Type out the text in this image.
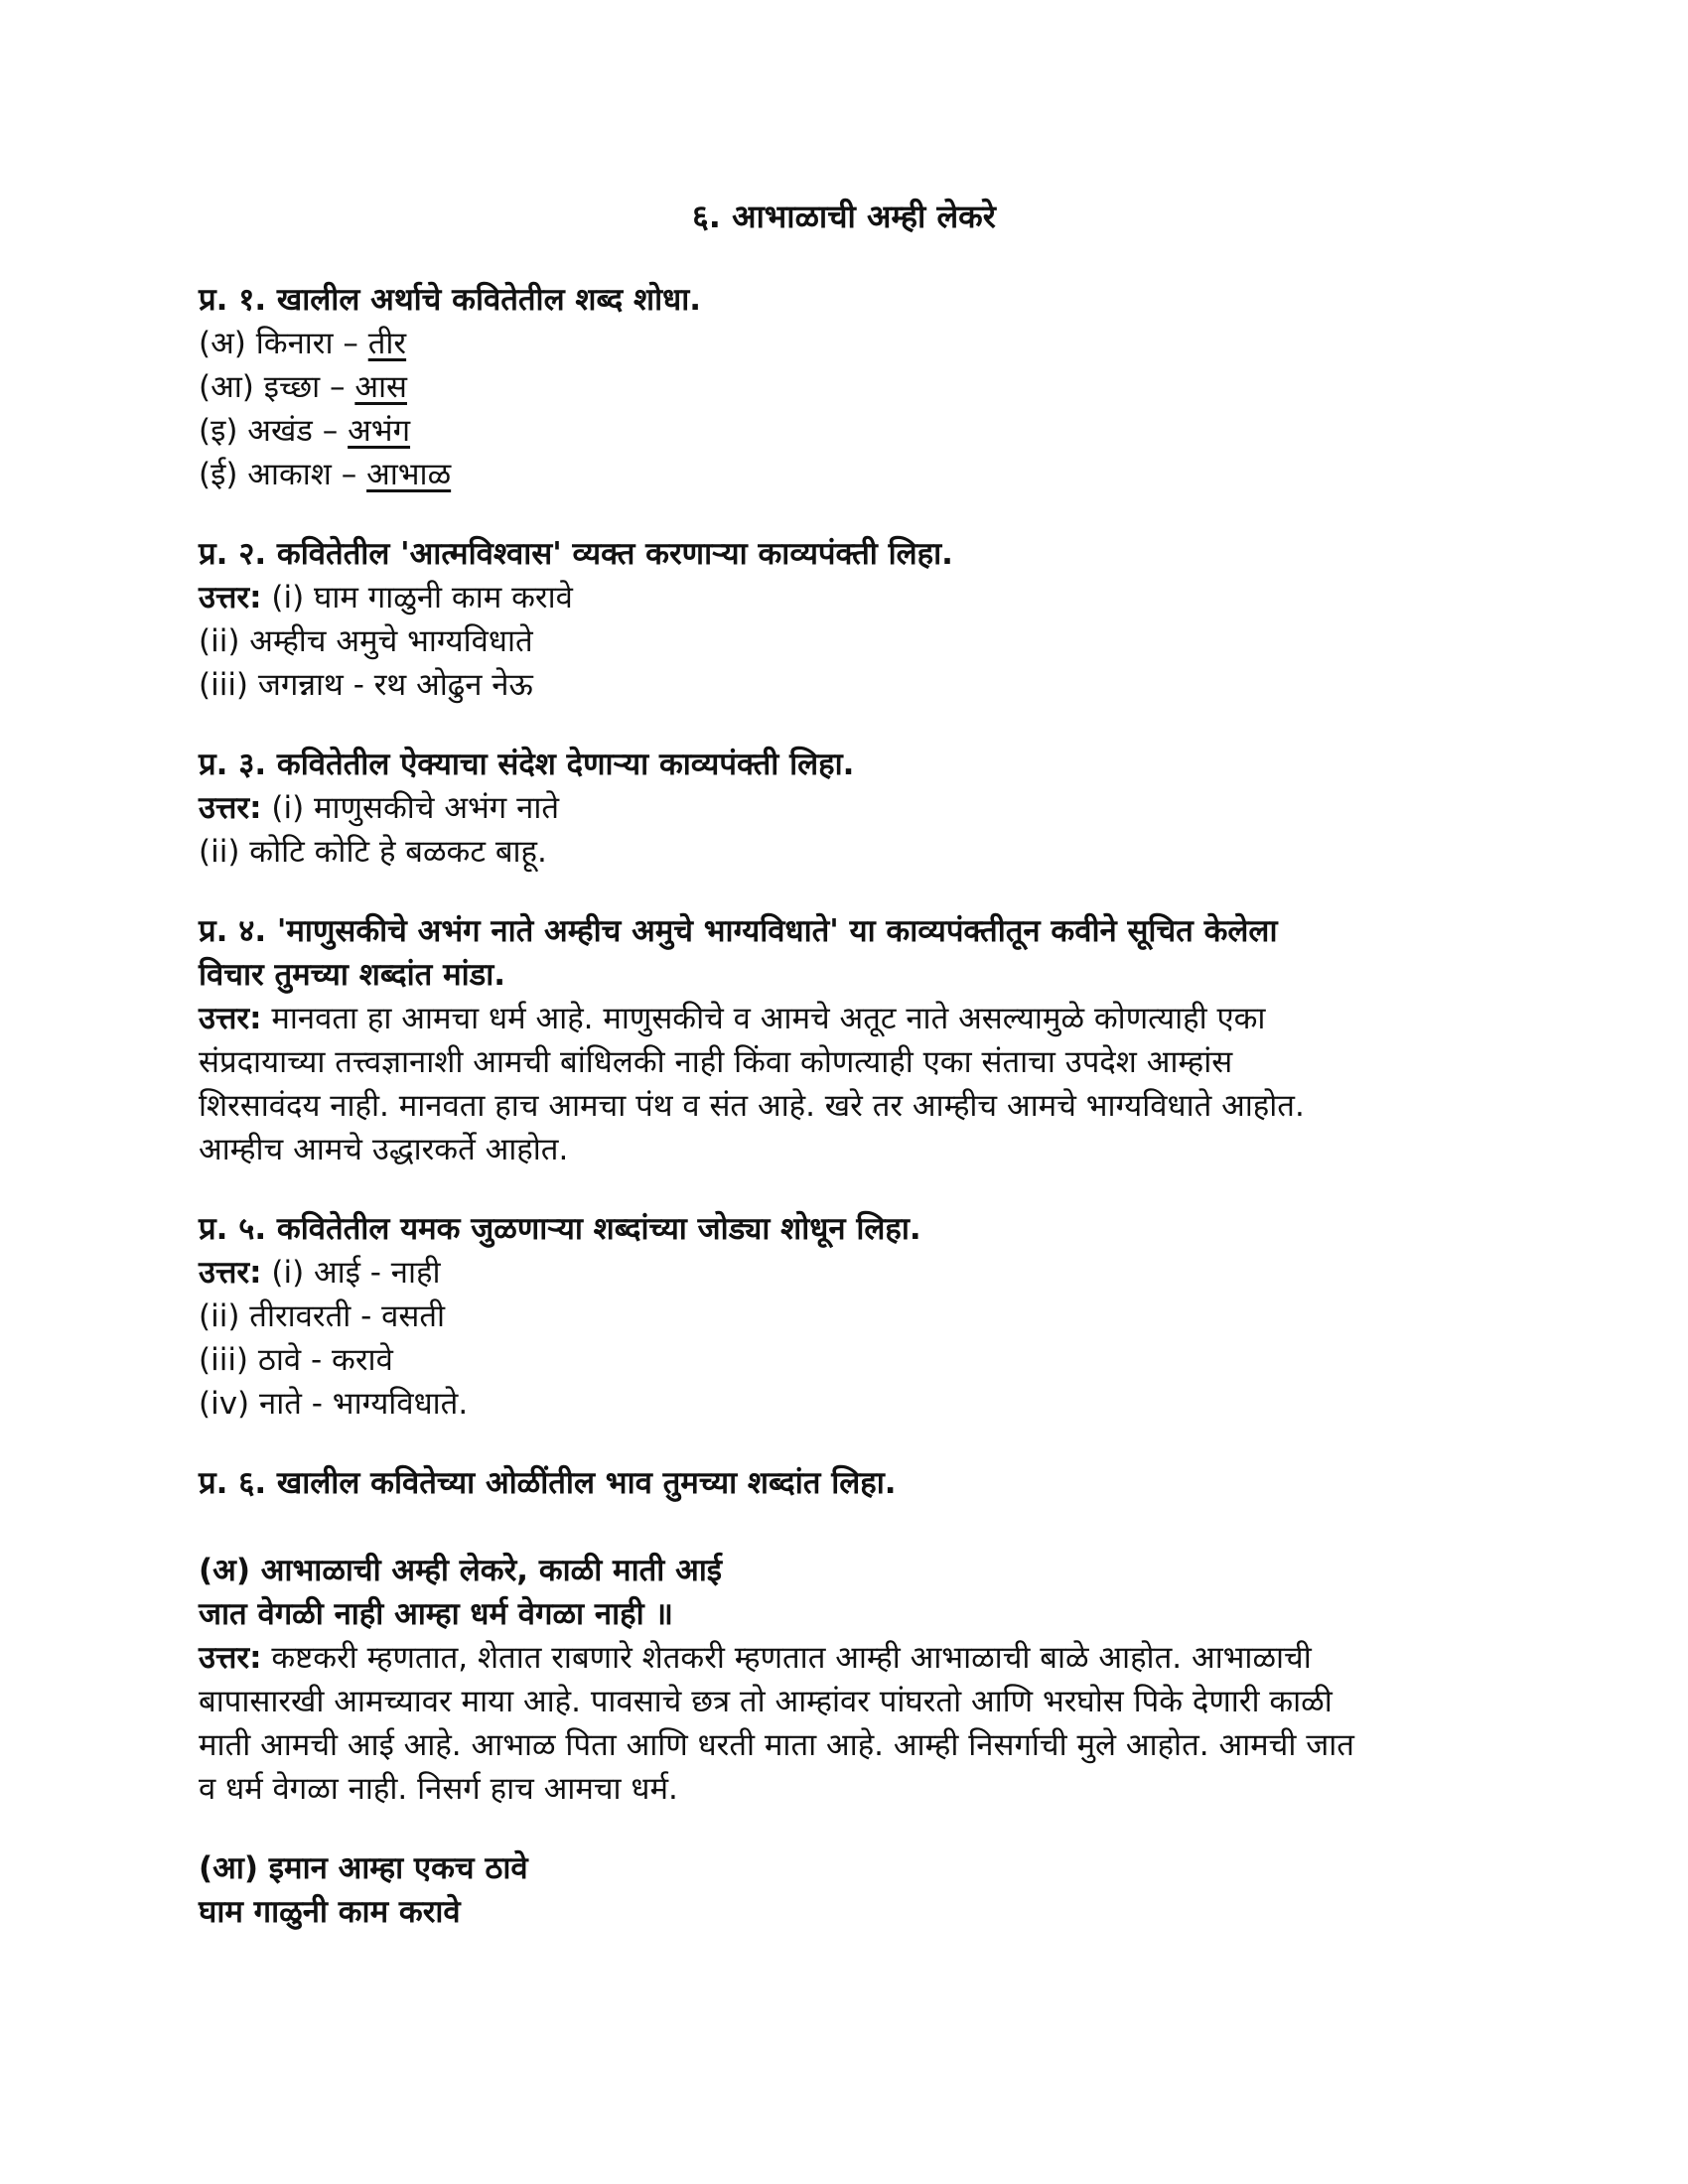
६. आभाळाची अम्ही लेकरे

प्र. १. खालील अर्थाचे कवितेतील शब्द शोधा.

(अ) किनारा – तीर

(आ) इच्छा – आस

(इ) अखंड – अभंग

(ई) आकाश – आभाळ

प्र. २. कवितेतील 'आत्मविश्वास' व्यक्त करणाऱ्या काव्यपंक्ती लिहा.

उत्तर: (i) घाम गाळुनी काम करावे

(ii) अम्हीच अमुचे भाग्यविधाते

(iii) जगन्नाथ - रथ ओढुन नेऊ

प्र. ३. कवितेतील ऐक्याचा संदेश देणाऱ्या काव्यपंक्ती लिहा.

उत्तर: (i) माणुसकीचे अभंग नाते

(ii) कोटि कोटि हे बळकट बाहू.

प्र. ४. 'माणुसकीचे अभंग नाते अम्हीच अमुचे भाग्यविधाते' या काव्यपंक्तीतून कवीने सूचित केलेला

विचार तुमच्या शब्दांत मांडा.

उत्तर: मानवता हा आमचा धर्म आहे. माणुसकीचे व आमचे अतूट नाते असल्यामुळे कोणत्याही एका

संप्रदायाच्या तत्त्वज्ञानाशी आमची बांधिलकी नाही किंवा कोणत्याही एका संताचा उपदेश आम्हांस

शिरसावंदय नाही. मानवता हाच आमचा पंथ व संत आहे. खरे तर आम्हीच आमचे भाग्यविधाते आहोत.

आम्हीच आमचे उद्धारकर्ते आहोत.

प्र. ५. कवितेतील यमक जुळणाऱ्या शब्दांच्या जोड्या शोधून लिहा.

उत्तर: (i) आई - नाही

(ii) तीरावरती - वसती

(iii) ठावे - करावे

(iv) नाते - भाग्यविधाते.

प्र. ६. खालील कवितेच्या ओळींतील भाव तुमच्या शब्दांत लिहा.

(अ) आभाळाची अम्ही लेकरे, काळी माती आई

जात वेगळी नाही आम्हा धर्म वेगळा नाही ॥

उत्तर: कष्टकरी म्हणतात, शेतात राबणारे शेतकरी म्हणतात आम्ही आभाळाची बाळे आहोत. आभाळाची

बापासारखी आमच्यावर माया आहे. पावसाचे छत्र तो आम्हांवर पांघरतो आणि भरघोस पिके देणारी काळी

माती आमची आई आहे. आभाळ पिता आणि धरती माता आहे. आम्ही निसर्गाची मुले आहोत. आमची जात

व धर्म वेगळा नाही. निसर्ग हाच आमचा धर्म.

(आ) इमान आम्हा एकच ठावे

घाम गाळुनी काम करावे
